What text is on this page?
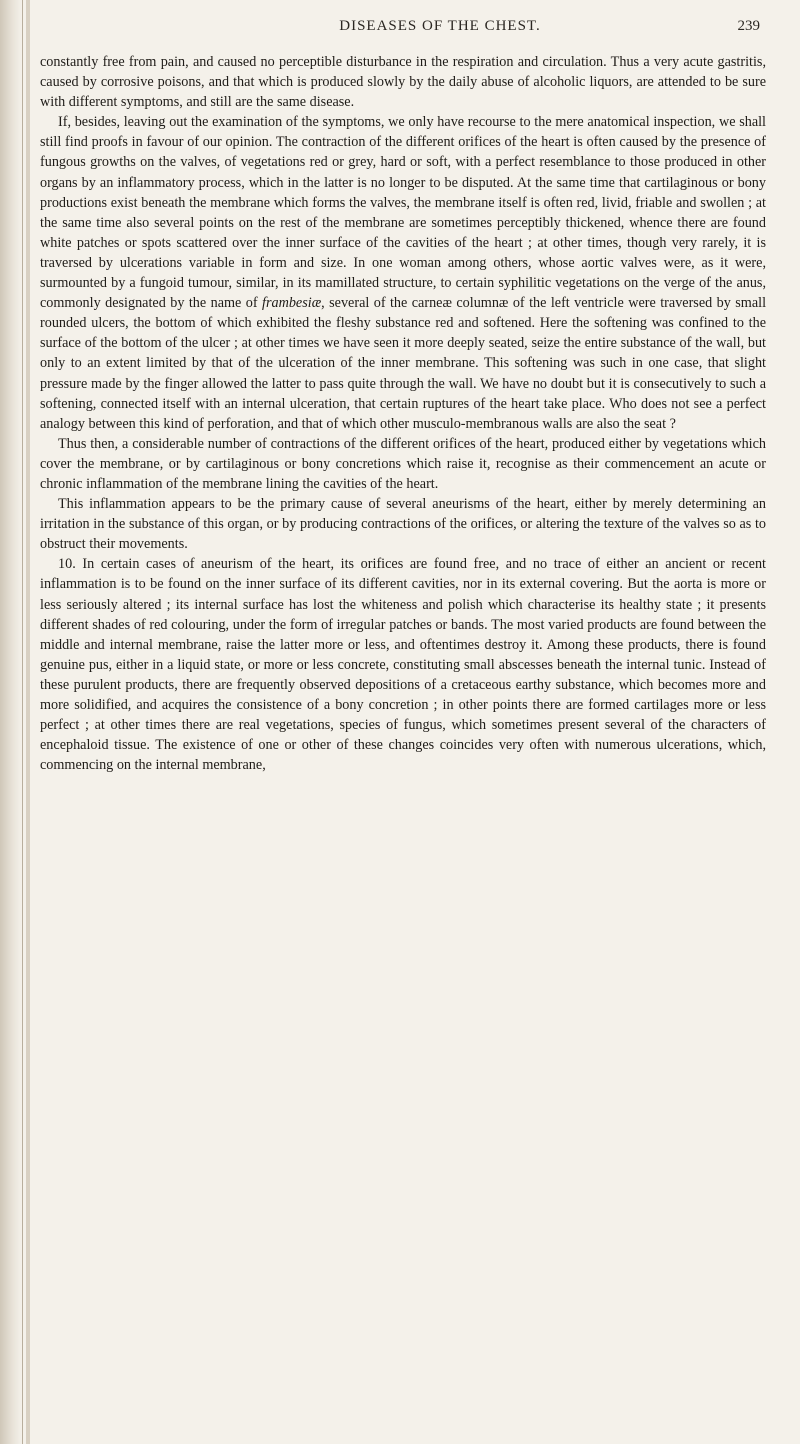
DISEASES OF THE CHEST.	239

constantly free from pain, and caused no perceptible disturbance in the respiration and circulation. Thus a very acute gastritis, caused by corrosive poisons, and that which is produced slowly by the daily abuse of alcoholic liquors, are attended to be sure with different symptoms, and still are the same disease.

If, besides, leaving out the examination of the symptoms, we only have recourse to the mere anatomical inspection, we shall still find proofs in favour of our opinion. The contraction of the different orifices of the heart is often caused by the presence of fungous growths on the valves, of vegetations red or grey, hard or soft, with a perfect resemblance to those produced in other organs by an inflammatory process, which in the latter is no longer to be disputed. At the same time that cartilaginous or bony productions exist beneath the membrane which forms the valves, the membrane itself is often red, livid, friable and swollen ; at the same time also several points on the rest of the membrane are sometimes perceptibly thickened, whence there are found white patches or spots scattered over the inner surface of the cavities of the heart ; at other times, though very rarely, it is traversed by ulcerations variable in form and size. In one woman among others, whose aortic valves were, as it were, surmounted by a fungoid tumour, similar, in its mamillated structure, to certain syphilitic vegetations on the verge of the anus, commonly designated by the name of frambesiæ, several of the carneæ columnæ of the left ventricle were traversed by small rounded ulcers, the bottom of which exhibited the fleshy substance red and softened. Here the softening was confined to the surface of the bottom of the ulcer ; at other times we have seen it more deeply seated, seize the entire substance of the wall, but only to an extent limited by that of the ulceration of the inner membrane. This softening was such in one case, that slight pressure made by the finger allowed the latter to pass quite through the wall. We have no doubt but it is consecutively to such a softening, connected itself with an internal ulceration, that certain ruptures of the heart take place. Who does not see a perfect analogy between this kind of perforation, and that of which other musculo-membranous walls are also the seat ?

Thus then, a considerable number of contractions of the different orifices of the heart, produced either by vegetations which cover the membrane, or by cartilaginous or bony concretions which raise it, recognise as their commencement an acute or chronic inflammation of the membrane lining the cavities of the heart.

This inflammation appears to be the primary cause of several aneurisms of the heart, either by merely determining an irritation in the substance of this organ, or by producing contractions of the orifices, or altering the texture of the valves so as to obstruct their movements.

10. In certain cases of aneurism of the heart, its orifices are found free, and no trace of either an ancient or recent inflammation is to be found on the inner surface of its different cavities, nor in its external covering. But the aorta is more or less seriously altered ; its internal surface has lost the whiteness and polish which characterise its healthy state ; it presents different shades of red colouring, under the form of irregular patches or bands. The most varied products are found between the middle and internal membrane, raise the latter more or less, and oftentimes destroy it. Among these products, there is found genuine pus, either in a liquid state, or more or less concrete, constituting small abscesses beneath the internal tunic. Instead of these purulent products, there are frequently observed depositions of a cretaceous earthy substance, which becomes more and more solidified, and acquires the consistence of a bony concretion ; in other points there are formed cartilages more or less perfect ; at other times there are real vegetations, species of fungus, which sometimes present several of the characters of encephaloid tissue. The existence of one or other of these changes coincides very often with numerous ulcerations, which, commencing on the internal membrane,
